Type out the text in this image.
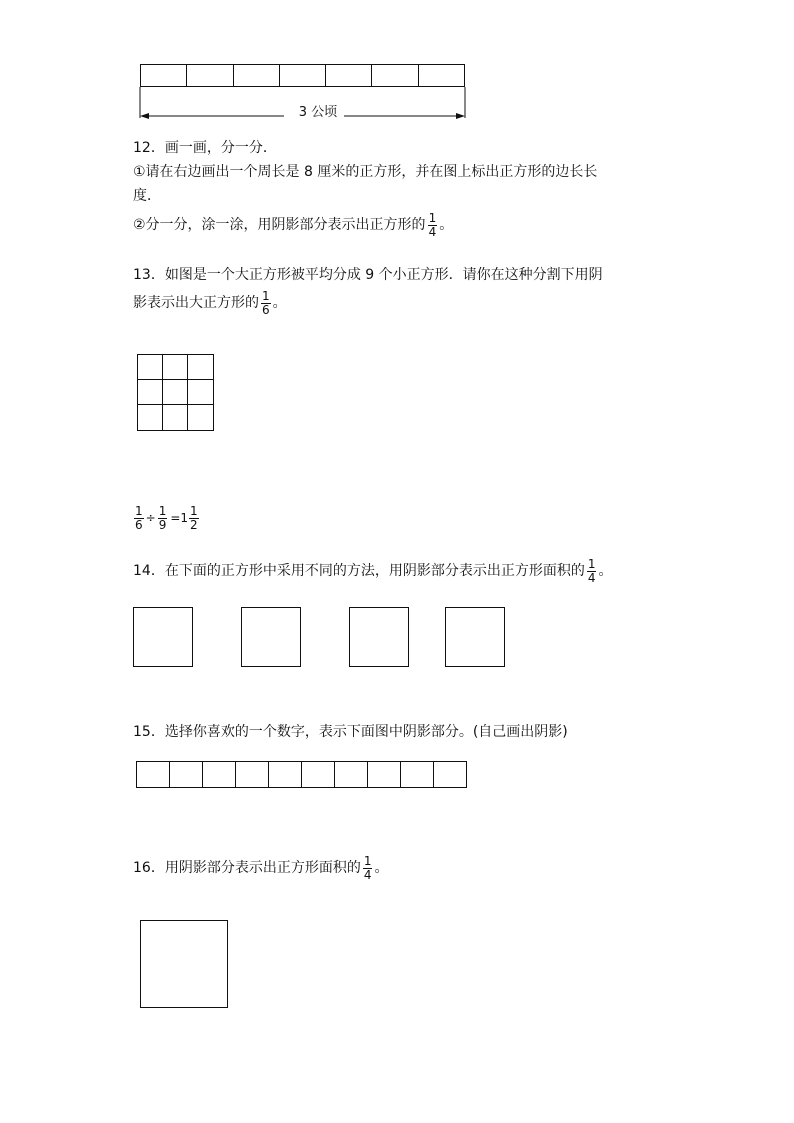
3 公顷
12．画一画，分一分．
①请在右边画出一个周长是 8 厘米的正方形，并在图上标出正方形的边长长
度．
②分一分，涂一涂，用阴影部分表示出正方形的 $\frac{1}{4}$ 。
13．如图是一个大正方形被平均分成 9 个小正方形．请你在这种分割下用阴
影表示出大正方形的 $\frac{1}{6}$ 。
$\frac{1}{6} \div \frac{1}{9} =1 \frac{1}{2}$
14．在下面的正方形中采用不同的方法，用阴影部分表示出正方形面积的 $\frac{1}{4}$ 。
15．选择你喜欢的一个数字，表示下面图中阴影部分。(自己画出阴影)
16．用阴影部分表示出正方形面积的 $\frac{1}{4}$ 。
